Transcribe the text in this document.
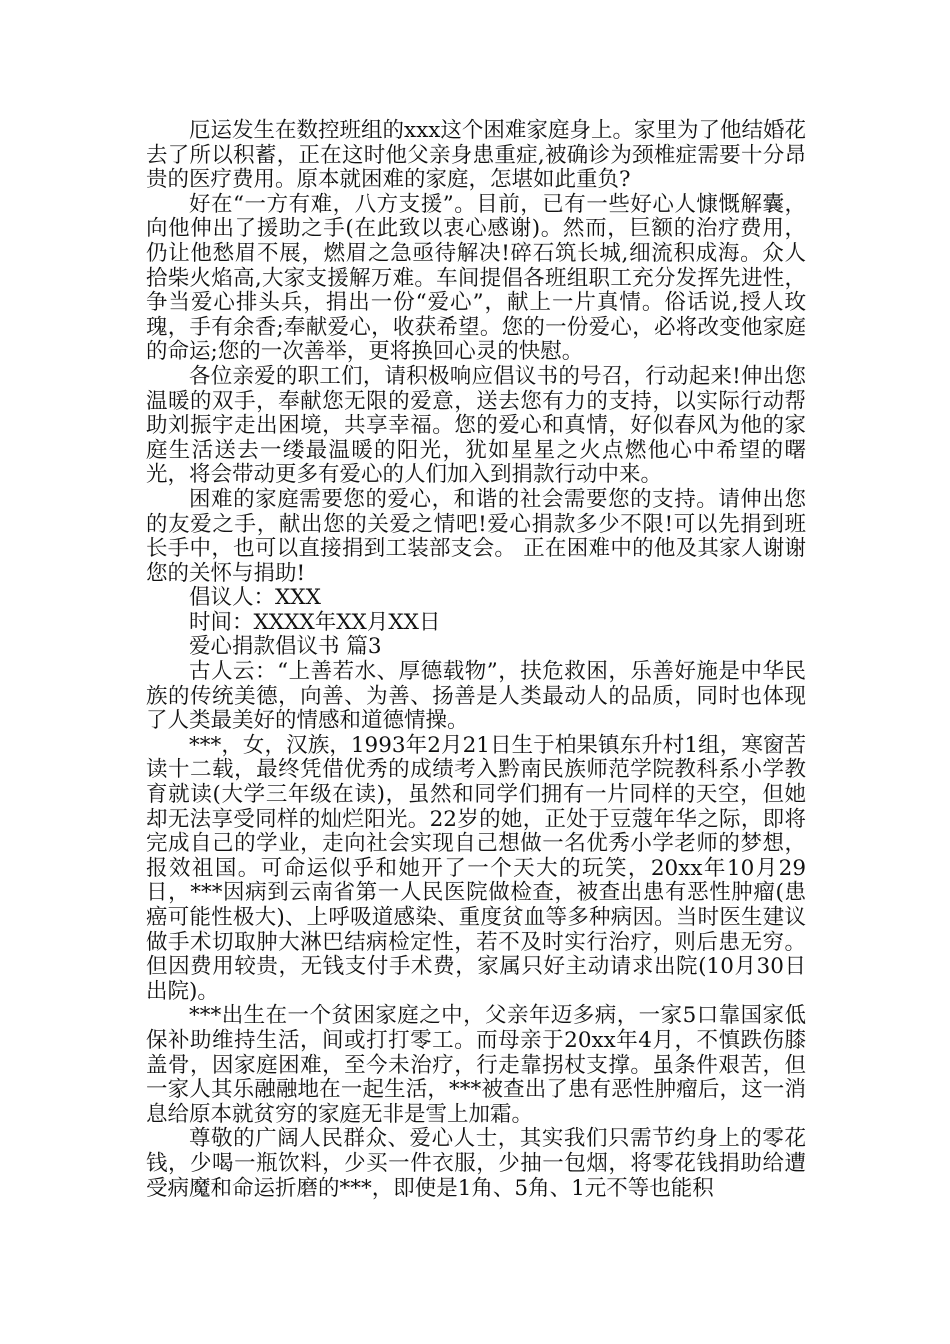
厄运发生在数控班组的xxx这个困难家庭身上。家里为了他结婚花去了所以积蓄，正在这时他父亲身患重症,被确诊为颈椎症需要十分昂贵的医疗费用。原本就困难的家庭，怎堪如此重负?

好在“一方有难，八方支援”。目前，已有一些好心人慷慨解囊，向他伸出了援助之手(在此致以衷心感谢)。然而，巨额的治疗费用，仍让他愁眉不展，燃眉之急亟待解决!碎石筑长城,细流积成海。众人拾柴火焰高,大家支援解万难。车间提倡各班组职工充分发挥先进性，争当爱心排头兵，捐出一份“爱心”，献上一片真情。俗话说,授人玫瑰，手有余香;奉献爱心，收获希望。您的一份爱心，必将改变他家庭的命运;您的一次善举，更将换回心灵的快慰。

各位亲爱的职工们，请积极响应倡议书的号召，行动起来!伸出您温暖的双手，奉献您无限的爱意，送去您有力的支持，以实际行动帮助刘振宇走出困境，共享幸福。您的爱心和真情，好似春风为他的家庭生活送去一缕最温暖的阳光，犹如星星之火点燃他心中希望的曙光，将会带动更多有爱心的人们加入到捐款行动中来。

困难的家庭需要您的爱心，和谐的社会需要您的支持。请伸出您的友爱之手，献出您的关爱之情吧!爱心捐款多少不限!可以先捐到班长手中，也可以直接捐到工装部支会。 正在困难中的他及其家人谢谢您的关怀与捐助!

倡议人：XXX

时间：XXXX年XX月XX日

爱心捐款倡议书 篇3

古人云：“上善若水、厚德载物”，扶危救困，乐善好施是中华民族的传统美德，向善、为善、扬善是人类最动人的品质，同时也体现了人类最美好的情感和道德情操。

***，女，汉族，1993年2月21日生于柏果镇东升村1组，寒窗苦读十二载，最终凭借优秀的成绩考入黔南民族师范学院教科系小学教育就读(大学三年级在读)，虽然和同学们拥有一片同样的天空，但她却无法享受同样的灿烂阳光。22岁的她，正处于豆蔻年华之际，即将完成自己的学业，走向社会实现自己想做一名优秀小学老师的梦想，报效祖国。可命运似乎和她开了一个天大的玩笑，20xx年10月29日，***因病到云南省第一人民医院做检查，被查出患有恶性肿瘤(患癌可能性极大)、上呼吸道感染、重度贫血等多种病因。当时医生建议做手术切取肿大淋巴结病检定性，若不及时实行治疗，则后患无穷。但因费用较贵，无钱支付手术费，家属只好主动请求出院(10月30日出院)。

***出生在一个贫困家庭之中，父亲年迈多病，一家5口靠国家低保补助维持生活，间或打打零工。而母亲于20xx年4月，不慎跌伤膝盖骨，因家庭困难，至今未治疗，行走靠拐杖支撑。虽条件艰苦，但一家人其乐融融地在一起生活，***被查出了患有恶性肿瘤后，这一消息给原本就贫穷的家庭无非是雪上加霜。

尊敬的广阔人民群众、爱心人士，其实我们只需节约身上的零花钱，少喝一瓶饮料，少买一件衣服，少抽一包烟，将零花钱捐助给遭受病魔和命运折磨的***，即使是1角、5角、1元不等也能积
